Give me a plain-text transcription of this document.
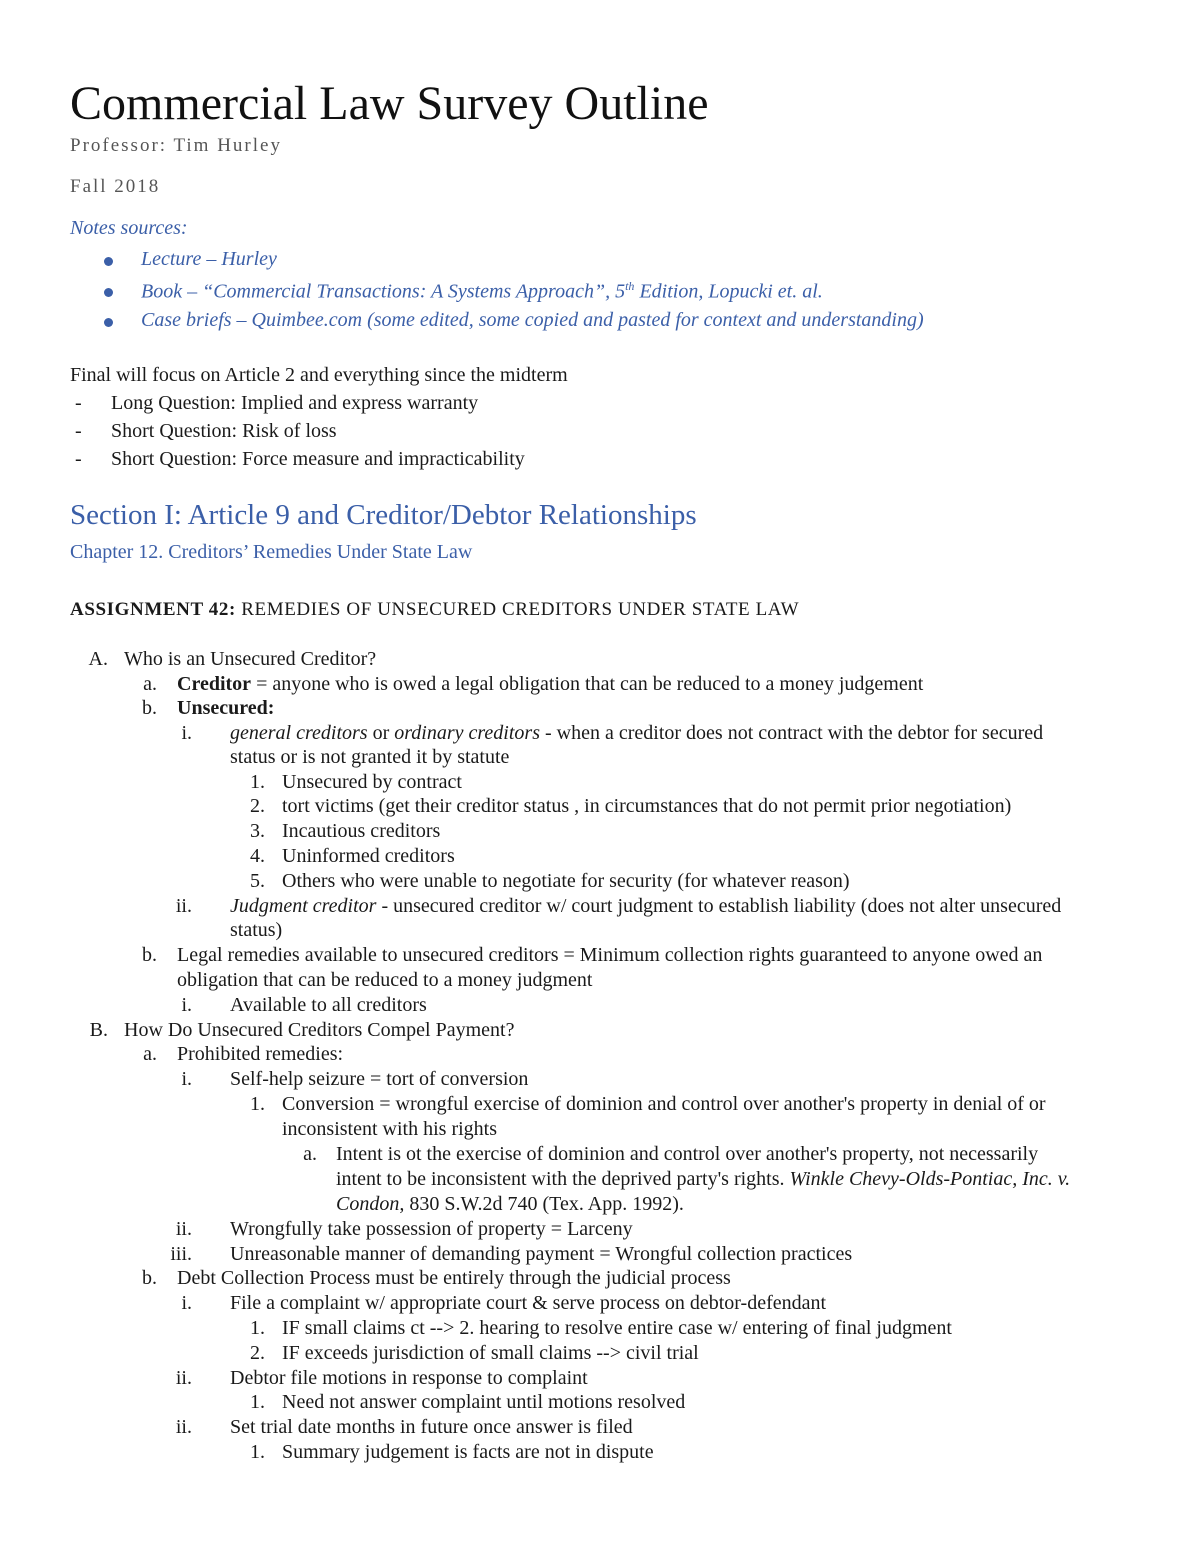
Commercial Law Survey Outline
Professor: Tim Hurley
Fall 2018
Notes sources:
Lecture – Hurley
Book – “Commercial Transactions: A Systems Approach”, 5th Edition, Lopucki et. al.
Case briefs – Quimbee.com (some edited, some copied and pasted for context and understanding)
Final will focus on Article 2 and everything since the midterm
- Long Question: Implied and express warranty
- Short Question: Risk of loss
- Short Question: Force measure and impracticability
Section I: Article 9 and Creditor/Debtor Relationships
Chapter 12. Creditors’ Remedies Under State Law
ASSIGNMENT 42: REMEDIES OF UNSECURED CREDITORS UNDER STATE LAW
A. Who is an Unsecured Creditor?
a. Creditor = anyone who is owed a legal obligation that can be reduced to a money judgement
b. Unsecured:
i. general creditors or ordinary creditors - when a creditor does not contract with the debtor for secured
status or is not granted it by statute
1. Unsecured by contract
2. tort victims (get their creditor status , in circumstances that do not permit prior negotiation)
3. Incautious creditors
4. Uninformed creditors
5. Others who were unable to negotiate for security (for whatever reason)
ii. Judgment creditor - unsecured creditor w/ court judgment to establish liability (does not alter unsecured
status)
b. Legal remedies available to unsecured creditors = Minimum collection rights guaranteed to anyone owed an
obligation that can be reduced to a money judgment
i. Available to all creditors
B. How Do Unsecured Creditors Compel Payment?
a. Prohibited remedies:
i. Self-help seizure = tort of conversion
1. Conversion = wrongful exercise of dominion and control over another's property in denial of or
inconsistent with his rights
a. Intent is ot the exercise of dominion and control over another's property, not necessarily
intent to be inconsistent with the deprived party's rights. Winkle Chevy-Olds-Pontiac, Inc. v.
Condon, 830 S.W.2d 740 (Tex. App. 1992).
ii. Wrongfully take possession of property = Larceny
iii. Unreasonable manner of demanding payment = Wrongful collection practices
b. Debt Collection Process must be entirely through the judicial process
i. File a complaint w/ appropriate court & serve process on debtor-defendant
1. IF small claims ct --> 2. hearing to resolve entire case w/ entering of final judgment
2. IF exceeds jurisdiction of small claims --> civil trial
ii. Debtor file motions in response to complaint
1. Need not answer complaint until motions resolved
ii. Set trial date months in future once answer is filed
1. Summary judgement is facts are not in dispute
